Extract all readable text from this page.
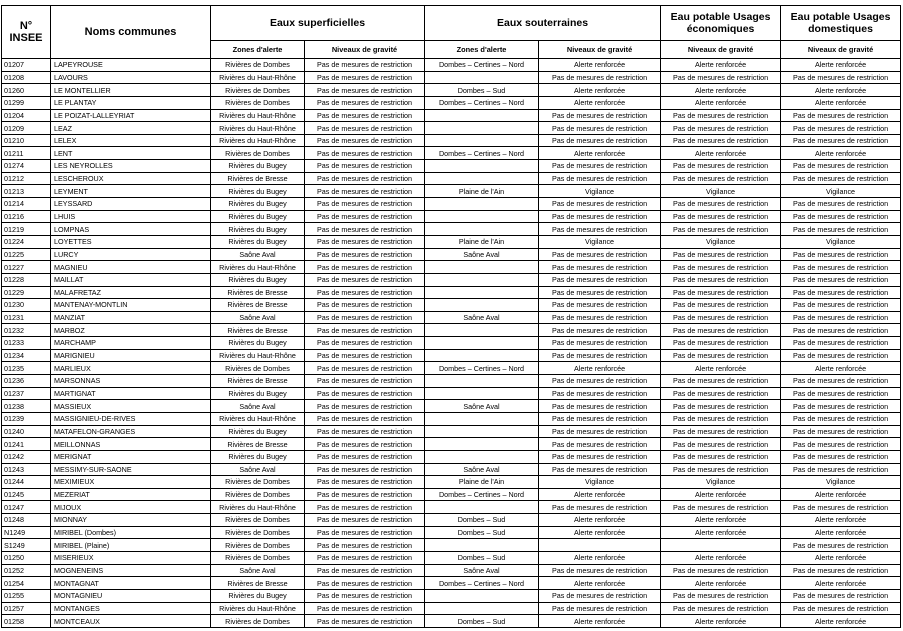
N° INSEE	Noms communes	Eaux superficielles		Eaux souterraines		Eau potable Usages économiques	Eau potable Usages domestiques
		Zones d'alerte	Niveaux de gravité	Zones d'alerte	Niveaux de gravité	Niveaux de gravité	Niveaux de gravité
01207	LAPEYROUSE	Rivières de Dombes	Pas de mesures de restriction	Dombes – Certines – Nord	Alerte renforcée	Alerte renforcée	Alerte renforcée
01208	LAVOURS	Rivières du Haut-Rhône	Pas de mesures de restriction		Pas de mesures de restriction	Pas de mesures de restriction	Pas de mesures de restriction
01260	LE MONTELLIER	Rivières de Dombes	Pas de mesures de restriction	Dombes – Sud	Alerte renforcée	Alerte renforcée	Alerte renforcée
01299	LE PLANTAY	Rivières de Dombes	Pas de mesures de restriction	Dombes – Certines – Nord	Alerte renforcée	Alerte renforcée	Alerte renforcée
01204	LE POIZAT-LALLEYRIAT	Rivières du Haut-Rhône	Pas de mesures de restriction		Pas de mesures de restriction	Pas de mesures de restriction	Pas de mesures de restriction
01209	LEAZ	Rivières du Haut-Rhône	Pas de mesures de restriction		Pas de mesures de restriction	Pas de mesures de restriction	Pas de mesures de restriction
01210	LELEX	Rivières du Haut-Rhône	Pas de mesures de restriction		Pas de mesures de restriction	Pas de mesures de restriction	Pas de mesures de restriction
01211	LENT	Rivières de Dombes	Pas de mesures de restriction	Dombes – Certines – Nord	Alerte renforcée	Alerte renforcée	Alerte renforcée
01274	LES NEYROLLES	Rivières du Bugey	Pas de mesures de restriction		Pas de mesures de restriction	Pas de mesures de restriction	Pas de mesures de restriction
01212	LESCHEROUX	Rivières de Bresse	Pas de mesures de restriction		Pas de mesures de restriction	Pas de mesures de restriction	Pas de mesures de restriction
01213	LEYMENT	Rivières du Bugey	Pas de mesures de restriction	Plaine de l'Ain	Vigilance	Vigilance	Vigilance
01214	LEYSSARD	Rivières du Bugey	Pas de mesures de restriction		Pas de mesures de restriction	Pas de mesures de restriction	Pas de mesures de restriction
01216	LHUIS	Rivières du Bugey	Pas de mesures de restriction		Pas de mesures de restriction	Pas de mesures de restriction	Pas de mesures de restriction
01219	LOMPNAS	Rivières du Bugey	Pas de mesures de restriction		Pas de mesures de restriction	Pas de mesures de restriction	Pas de mesures de restriction
01224	LOYETTES	Rivières du Bugey	Pas de mesures de restriction	Plaine de l'Ain	Vigilance	Vigilance	Vigilance
01225	LURCY	Saône Aval	Pas de mesures de restriction	Saône Aval	Pas de mesures de restriction	Pas de mesures de restriction	Pas de mesures de restriction
01227	MAGNIEU	Rivières du Haut-Rhône	Pas de mesures de restriction		Pas de mesures de restriction	Pas de mesures de restriction	Pas de mesures de restriction
01228	MAILLAT	Rivières du Bugey	Pas de mesures de restriction		Pas de mesures de restriction	Pas de mesures de restriction	Pas de mesures de restriction
01229	MALAFRETAZ	Rivières de Bresse	Pas de mesures de restriction		Pas de mesures de restriction	Pas de mesures de restriction	Pas de mesures de restriction
01230	MANTENAY-MONTLIN	Rivières de Bresse	Pas de mesures de restriction		Pas de mesures de restriction	Pas de mesures de restriction	Pas de mesures de restriction
01231	MANZIAT	Saône Aval	Pas de mesures de restriction	Saône Aval	Pas de mesures de restriction	Pas de mesures de restriction	Pas de mesures de restriction
01232	MARBOZ	Rivières de Bresse	Pas de mesures de restriction		Pas de mesures de restriction	Pas de mesures de restriction	Pas de mesures de restriction
01233	MARCHAMP	Rivières du Bugey	Pas de mesures de restriction		Pas de mesures de restriction	Pas de mesures de restriction	Pas de mesures de restriction
01234	MARIGNIEU	Rivières du Haut-Rhône	Pas de mesures de restriction		Pas de mesures de restriction	Pas de mesures de restriction	Pas de mesures de restriction
01235	MARLIEUX	Rivières de Dombes	Pas de mesures de restriction	Dombes – Certines – Nord	Alerte renforcée	Alerte renforcée	Alerte renforcée
01236	MARSONNAS	Rivières de Bresse	Pas de mesures de restriction		Pas de mesures de restriction	Pas de mesures de restriction	Pas de mesures de restriction
01237	MARTIGNAT	Rivières du Bugey	Pas de mesures de restriction		Pas de mesures de restriction	Pas de mesures de restriction	Pas de mesures de restriction
01238	MASSIEUX	Saône Aval	Pas de mesures de restriction	Saône Aval	Pas de mesures de restriction	Pas de mesures de restriction	Pas de mesures de restriction
01239	MASSIGNIEU-DE-RIVES	Rivières du Haut-Rhône	Pas de mesures de restriction		Pas de mesures de restriction	Pas de mesures de restriction	Pas de mesures de restriction
01240	MATAFELON-GRANGES	Rivières du Bugey	Pas de mesures de restriction		Pas de mesures de restriction	Pas de mesures de restriction	Pas de mesures de restriction
01241	MEILLONNAS	Rivières de Bresse	Pas de mesures de restriction		Pas de mesures de restriction	Pas de mesures de restriction	Pas de mesures de restriction
01242	MERIGNAT	Rivières du Bugey	Pas de mesures de restriction		Pas de mesures de restriction	Pas de mesures de restriction	Pas de mesures de restriction
01243	MESSIMY-SUR-SAONE	Saône Aval	Pas de mesures de restriction	Saône Aval	Pas de mesures de restriction	Pas de mesures de restriction	Pas de mesures de restriction
01244	MEXIMIEUX	Rivières de Dombes	Pas de mesures de restriction	Plaine de l'Ain	Vigilance	Vigilance	Vigilance
01245	MEZERIAT	Rivières de Dombes	Pas de mesures de restriction	Dombes – Certines – Nord	Alerte renforcée	Alerte renforcée	Alerte renforcée
01247	MIJOUX	Rivières du Haut-Rhône	Pas de mesures de restriction		Pas de mesures de restriction	Pas de mesures de restriction	Pas de mesures de restriction
01248	MIONNAY	Rivières de Dombes	Pas de mesures de restriction	Dombes – Sud	Alerte renforcée	Alerte renforcée	Alerte renforcée
N1249	MIRIBEL (Dombes)	Rivières de Dombes	Pas de mesures de restriction	Dombes – Sud	Alerte renforcée	Alerte renforcée	Alerte renforcée
S1249	MIRIBEL (Plaine)	Rivières de Dombes	Pas de mesures de restriction				Pas de mesures de restriction
01250	MISERIEUX	Rivières de Dombes	Pas de mesures de restriction	Dombes – Sud	Alerte renforcée	Alerte renforcée	Alerte renforcée
01252	MOGNENEINS	Saône Aval	Pas de mesures de restriction	Saône Aval	Pas de mesures de restriction	Pas de mesures de restriction	Pas de mesures de restriction
01254	MONTAGNAT	Rivières de Bresse	Pas de mesures de restriction	Dombes – Certines – Nord	Alerte renforcée	Alerte renforcée	Alerte renforcée
01255	MONTAGNIEU	Rivières du Bugey	Pas de mesures de restriction		Pas de mesures de restriction	Pas de mesures de restriction	Pas de mesures de restriction
01257	MONTANGES	Rivières du Haut-Rhône	Pas de mesures de restriction		Pas de mesures de restriction	Pas de mesures de restriction	Pas de mesures de restriction
01258	MONTCEAUX	Rivières de Dombes	Pas de mesures de restriction	Dombes – Sud	Alerte renforcée	Alerte renforcée	Alerte renforcée
